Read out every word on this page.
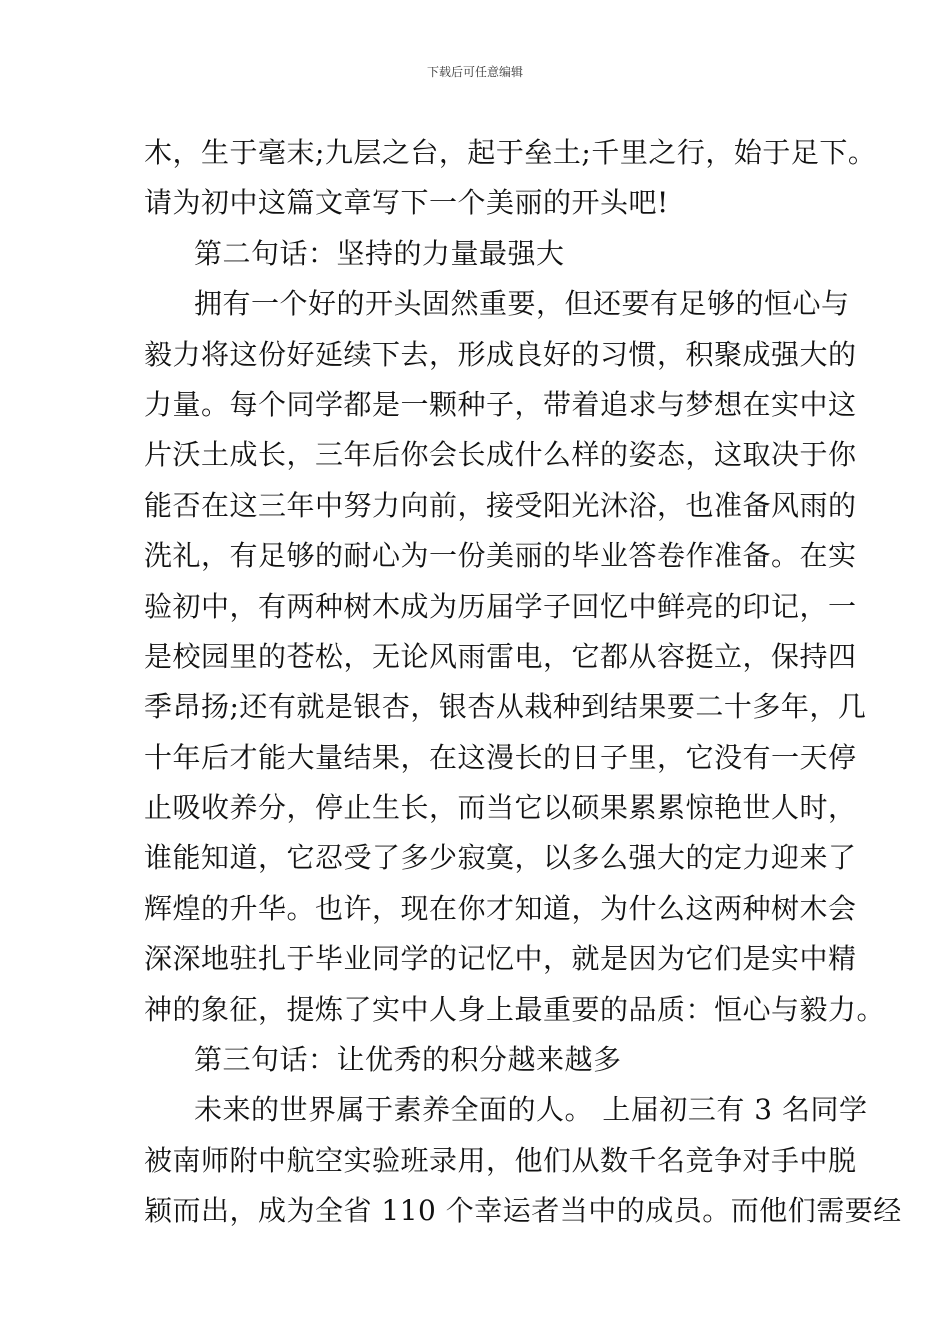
下载后可任意编辑
木，生于毫末;九层之台，起于垒土;千里之行，始于足下。
请为初中这篇文章写下一个美丽的开头吧!
第二句话：坚持的力量最强大
拥有一个好的开头固然重要，但还要有足够的恒心与
毅力将这份好延续下去，形成良好的习惯，积聚成强大的
力量。每个同学都是一颗种子，带着追求与梦想在实中这
片沃土成长，三年后你会长成什么样的姿态，这取决于你
能否在这三年中努力向前，接受阳光沐浴，也准备风雨的
洗礼，有足够的耐心为一份美丽的毕业答卷作准备。在实
验初中，有两种树木成为历届学子回忆中鲜亮的印记，一
是校园里的苍松，无论风雨雷电，它都从容挺立，保持四
季昂扬;还有就是银杏，银杏从栽种到结果要二十多年，几
十年后才能大量结果，在这漫长的日子里，它没有一天停
止吸收养分，停止生长，而当它以硕果累累惊艳世人时，
谁能知道，它忍受了多少寂寞，以多么强大的定力迎来了
辉煌的升华。也许，现在你才知道，为什么这两种树木会
深深地驻扎于毕业同学的记忆中，就是因为它们是实中精
神的象征，提炼了实中人身上最重要的品质：恒心与毅力。
第三句话：让优秀的积分越来越多
未来的世界属于素养全面的人。 上届初三有 3 名同学
被南师附中航空实验班录用，他们从数千名竞争对手中脱
颖而出，成为全省 110 个幸运者当中的成员。而他们需要经
